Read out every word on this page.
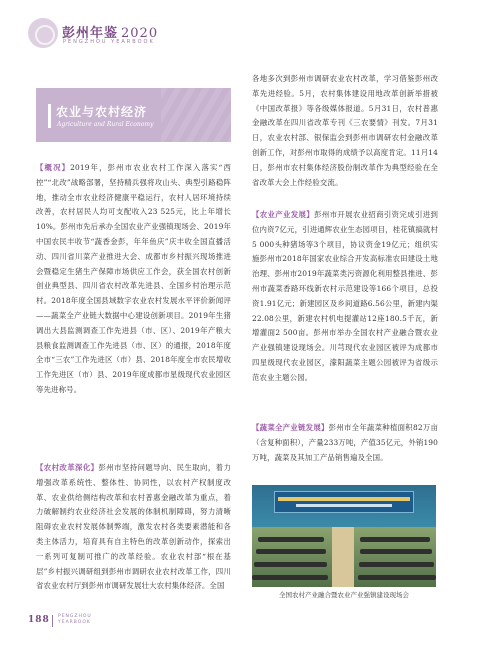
彭州年鉴 2020
PENGZHOU YEARBOOK
农业与农村经济
Agriculture and Rural Economy
【概况】2019年，彭州市农业农村工作深入落实“西控”“北改”战略部署，坚持精兵强将攻山头、典型引路稳阵地，推动全市农业经济健康平稳运行，农村人居环境持续改善，农村居民人均可支配收入23 525元，比上年增长10%。彭州市先后承办全国农业产业强镇现场会、2019年中国农民丰收节“蔬香金彭，年年鱼庆”庆丰收全国直播活动、四川省川菜产业推进大会、成都市乡村振兴现场推进会暨稳定生猪生产保障市场供应工作会，获全国农村创新创业典型县、四川省农村改革先进县、全国乡村治理示范村。2018年度全国县域数字农业农村发展水平评价新闻评——蔬菜全产业链大数据中心建设创新项目。2019年生猪调出大县监测调查工作先进县（市、区）、2019年产粮大县粮食监测调查工作先进县（市、区）的通报，2018年度全市“三农”工作先进区（市）县、2018年度全市农民增收工作先进区（市）县、2019年度成都市星级现代农业园区等先进称号。
【农村改革深化】彭州市坚持问题导向、民生取向，着力增强改革系统性、整体性、协同性，以农村产权制度改革、农业供给侧结构改革和农村普惠金融改革为重点，着力破解制约农业经济社会发展的体制机制障碍，努力清晰阻碍农业农村发展体制弊端，激发农村各类要素潜能和各类主体活力，培育具有自主特色的改革创新动作，探索出一系列可复制可推广的改革经验。农业农村部“根在基层”乡村振兴调研组到彭州市调研农业农村改革工作，四川省农业农村厅到彭州市调研发展壮大农村集体经济。全国
各地多次到彭州市调研农业农村改革，学习借鉴彭州改革先进经验。5月，农村集体建设用地改革创新举措被《中国改革报》等各级媒体报道。5月31日，农村普惠金融改革在四川省改革专刊《三农要情》刊发。7月31日，农业农村部、银保监会到彭州市调研农村金融改革创新工作，对彭州市取得的成绩予以高度肯定。11月14日，彭州市农村集体经济股份制改革作为典型经验在全省改革大会上作经验交流。
【农业产业发展】彭州市开展农业招商引资完成引进到位内资7亿元，引进通辉农业生态园项目，桂花镇搞就村5 000头种猪场等3个项目，协议资金19亿元；组织实施彭州市2018年国家农业综合开发高标准农田建设土地治理、彭州市2019年蔬菜类污资源化利用整县推进、彭州市蔬菜香路环线新农村示范建设等166个项目，总投资1.91亿元；新建园区及乡间道路6.56公里，新建内渠22.08公里，新建农村机电提灌站12座180.5千瓦，新增灌面2 500亩。彭州市举办全国农村产业融合暨农业产业强镇建设现场会。川芎现代农业园区被评为成都市四星级现代农业园区，濛阳蔬菜主题公园被评为省级示范农业主题公园。
【蔬菜全产业链发展】彭州市全年蔬菜种植面积82万亩（含复种面积），产量233万吨，产值35亿元，外销190万吨，蔬菜及其加工产品销售遍及全国。
全国农村产业融合暨农业产业强镇建设现场会
188 PENGZHOU
YEARBOOK
